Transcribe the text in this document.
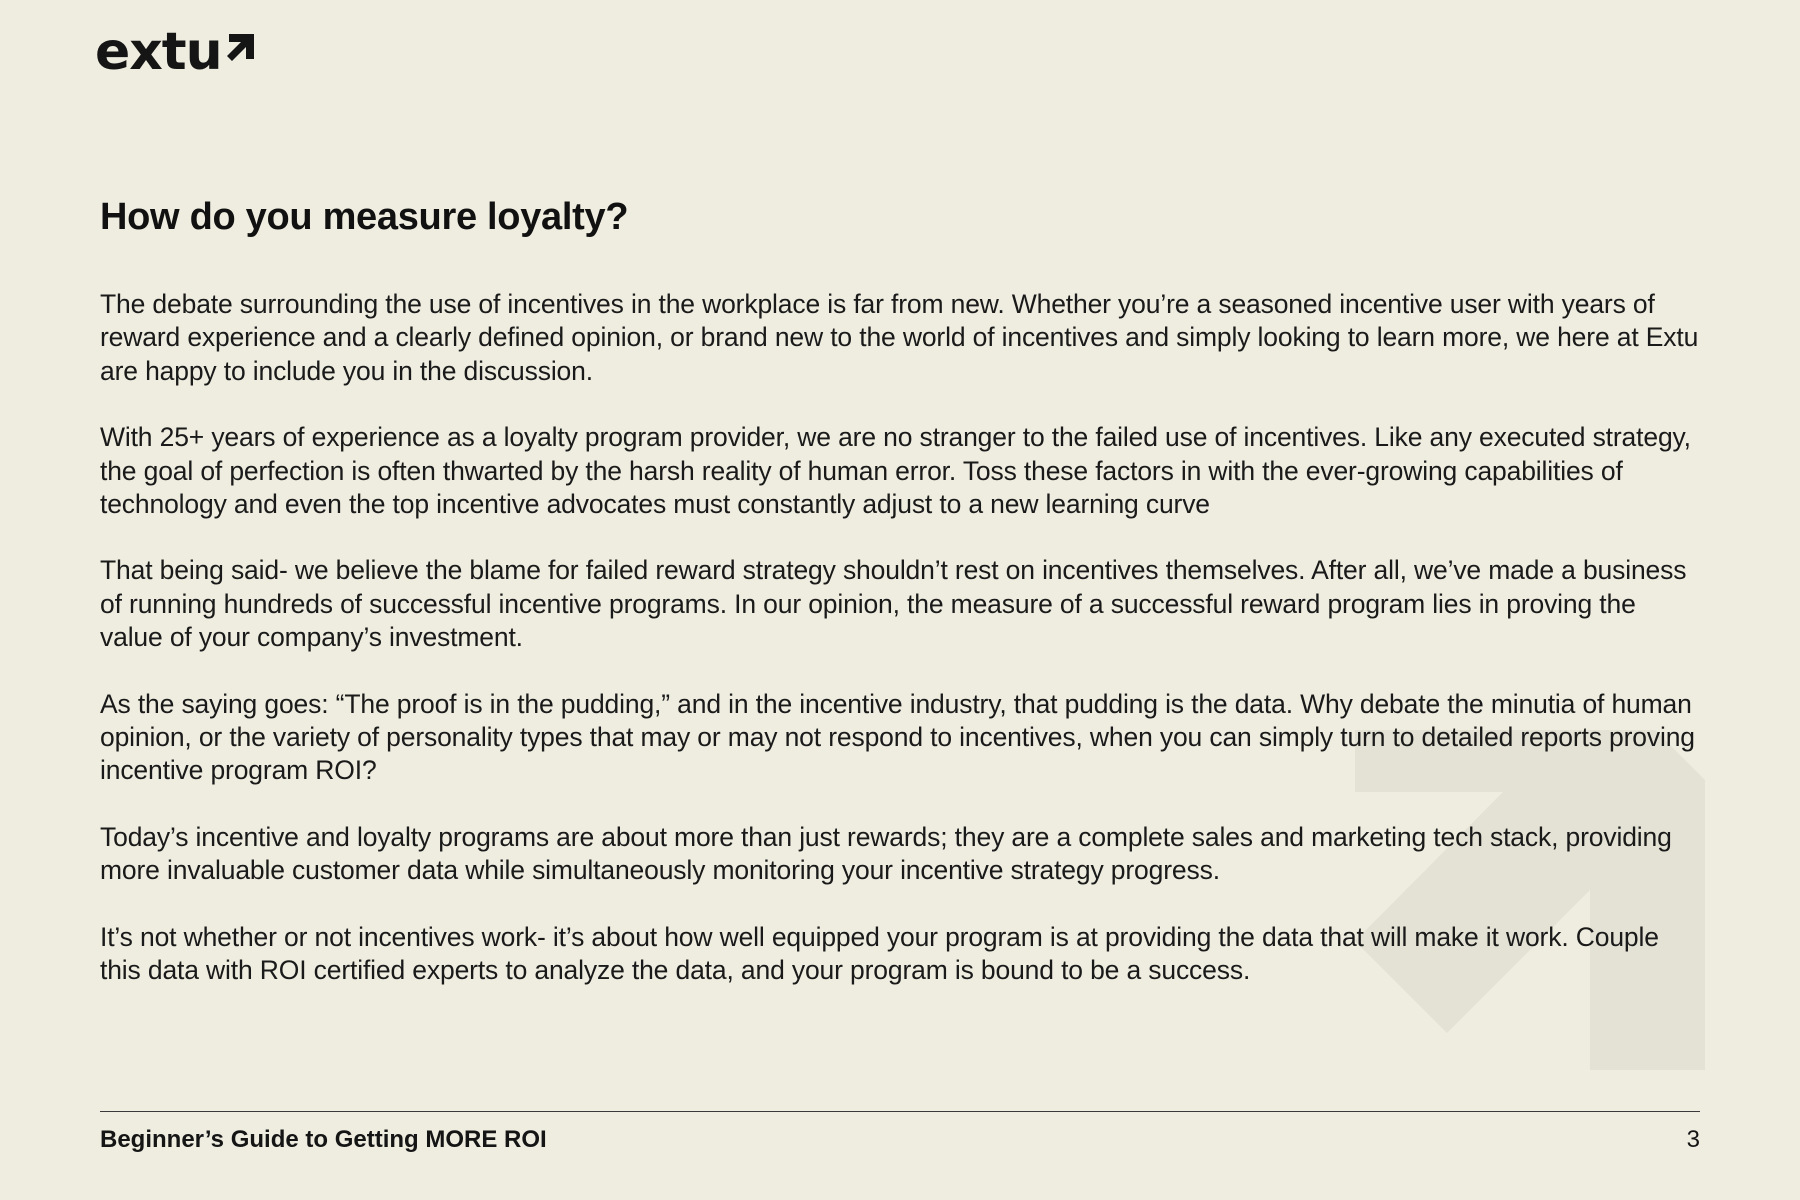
extu
How do you measure loyalty?

The debate surrounding the use of incentives in the workplace is far from new. Whether you’re a seasoned incentive user with years of reward experience and a clearly defined opinion, or brand new to the world of incentives and simply looking to learn more, we here at Extu are happy to include you in the discussion.

With 25+ years of experience as a loyalty program provider, we are no stranger to the failed use of incentives. Like any executed strategy, the goal of perfection is often thwarted by the harsh reality of human error. Toss these factors in with the ever-growing capabilities of technology and even the top incentive advocates must constantly adjust to a new learning curve

That being said- we believe the blame for failed reward strategy shouldn’t rest on incentives themselves. After all, we’ve made a business of running hundreds of successful incentive programs. In our opinion, the measure of a successful reward program lies in proving the value of your company’s investment.

As the saying goes: “The proof is in the pudding,” and in the incentive industry, that pudding is the data. Why debate the minutia of human opinion, or the variety of personality types that may or may not respond to incentives, when you can simply turn to detailed reports proving incentive program ROI?

Today’s incentive and loyalty programs are about more than just rewards; they are a complete sales and marketing tech stack, providing more invaluable customer data while simultaneously monitoring your incentive strategy progress.

It’s not whether or not incentives work- it’s about how well equipped your program is at providing the data that will make it work. Couple this data with ROI certified experts to analyze the data, and your program is bound to be a success.

Beginner’s Guide to Getting MORE ROI	3
